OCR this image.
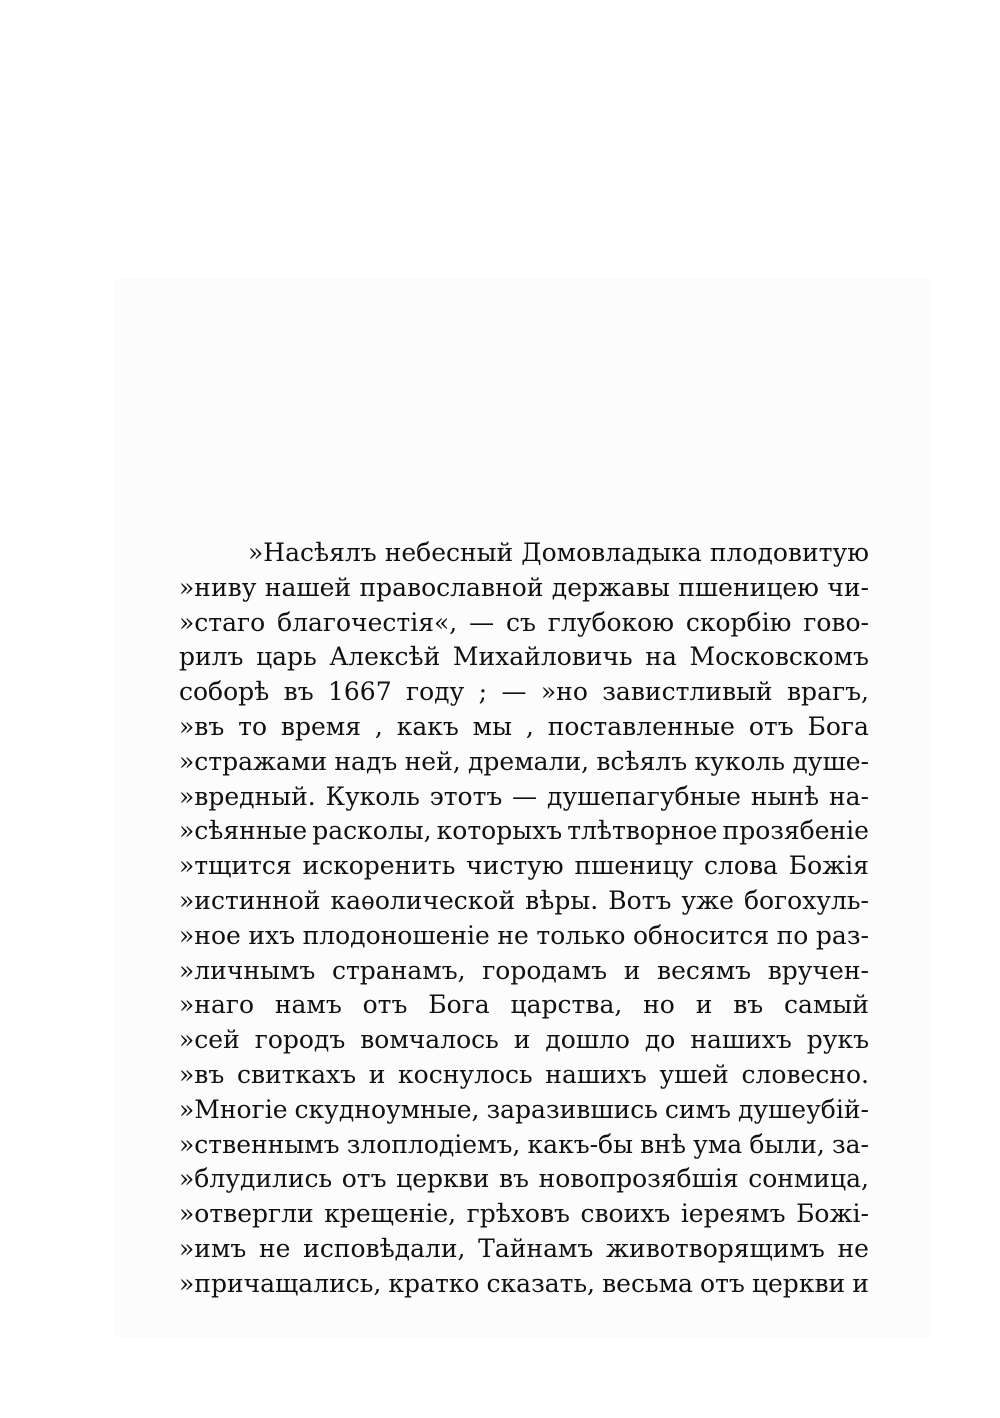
»Насѣялъ небесный Домовладыка плодовитую
»ниву нашей православной державы пшеницею чи-
»стаго благочестія«, — съ глубокою скорбію гово-
рилъ царь Алексѣй Михайловичь на Московскомъ
соборѣ въ 1667 году ; — »но завистливый врагъ,
»въ то время , какъ мы , поставленные отъ Бога
»стражами надъ ней, дремали, всѣялъ куколь душе-
»вредный. Куколь этотъ — душепагубные нынѣ на-
»сѣянные расколы, которыхъ тлѣтворное прозябеніе
»тщится искоренить чистую пшеницу слова Божія
»истинной каѳолической вѣры. Вотъ уже богохуль-
»ное ихъ плодоношеніе не только обносится по раз-
»личнымъ странамъ, городамъ и весямъ вручен-
»наго намъ отъ Бога царства, но и въ самый
»сей городъ вомчалось и дошло до нашихъ рукъ
»въ свиткахъ и коснулось нашихъ ушей словесно.
»Многіе скудноумные, заразившись симъ душеубій-
»ственнымъ злоплодіемъ, какъ-бы внѣ ума были, за-
»блудились отъ церкви въ новопрозябшія сонмица,
»отвергли крещеніе, грѣховъ своихъ іереямъ Божі-
»имъ не исповѣдали, Тайнамъ животворящимъ не
»причащались, кратко сказать, весьма отъ церкви и
